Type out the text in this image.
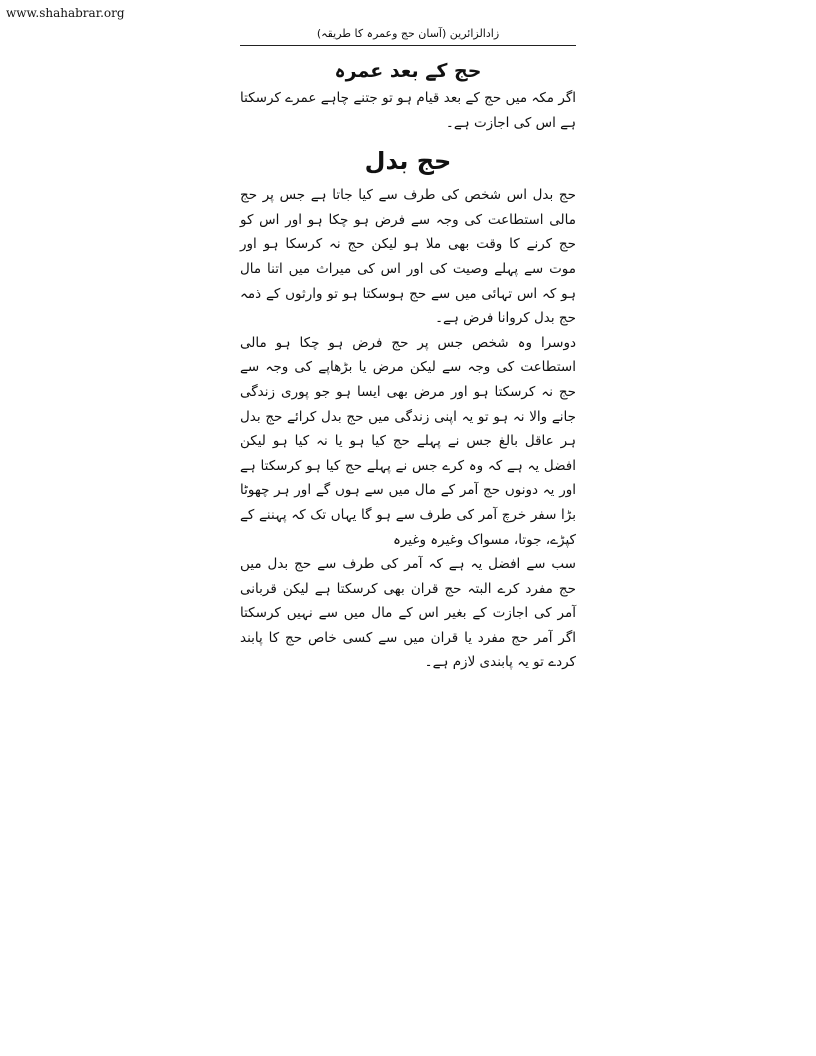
www.shahabrar.org
زادالزائرین (آسان حج وعمرہ کا طریقہ)
حج کے بعد عمرہ

اگر مکہ میں حج کے بعد قیام ہو تو جتنے چاہے عمرے کرسکتا ہے اس کی اجازت ہے۔

حج بدل

حج بدل اس شخص کی طرف سے کیا جاتا ہے جس پر حج مالی استطاعت کی وجہ سے فرض ہو چکا ہو اور اس کو حج کرنے کا وقت بھی ملا ہو لیکن حج نہ کرسکا ہو اور موت سے پہلے وصیت کی اور اس کی میراث میں اتنا مال ہو کہ اس تہائی میں سے حج ہوسکتا ہو تو وارثوں کے ذمہ حج بدل کروانا فرض ہے۔

دوسرا وہ شخص جس پر حج فرض ہو چکا ہو مالی استطاعت کی وجہ سے لیکن مرض یا بڑھاپے کی وجہ سے حج نہ کرسکتا ہو اور مرض بھی ایسا ہو جو پوری زندگی جانے والا نہ ہو تو یہ اپنی زندگی میں حج بدل کرائے حج بدل ہر عاقل بالغ جس نے پہلے حج کیا ہو یا نہ کیا ہو لیکن افضل یہ ہے کہ وہ کرے جس نے پہلے حج کیا ہو کرسکتا ہے اور یہ دونوں حج آمر کے مال میں سے ہوں گے اور ہر چھوٹا بڑا سفر خرچ آمر کی طرف سے ہو گا یہاں تک کہ پہننے کے کپڑے، جوتا، مسواک وغیرہ وغیرہ

سب سے افضل یہ ہے کہ آمر کی طرف سے حج بدل میں حج مفرد کرے البتہ حج قران بھی کرسکتا ہے لیکن قربانی آمر کی اجازت کے بغیر اس کے مال میں سے نہیں کرسکتا اگر آمر حج مفرد یا قران میں سے کسی خاص حج کا پابند کردے تو یہ پابندی لازم ہے۔
